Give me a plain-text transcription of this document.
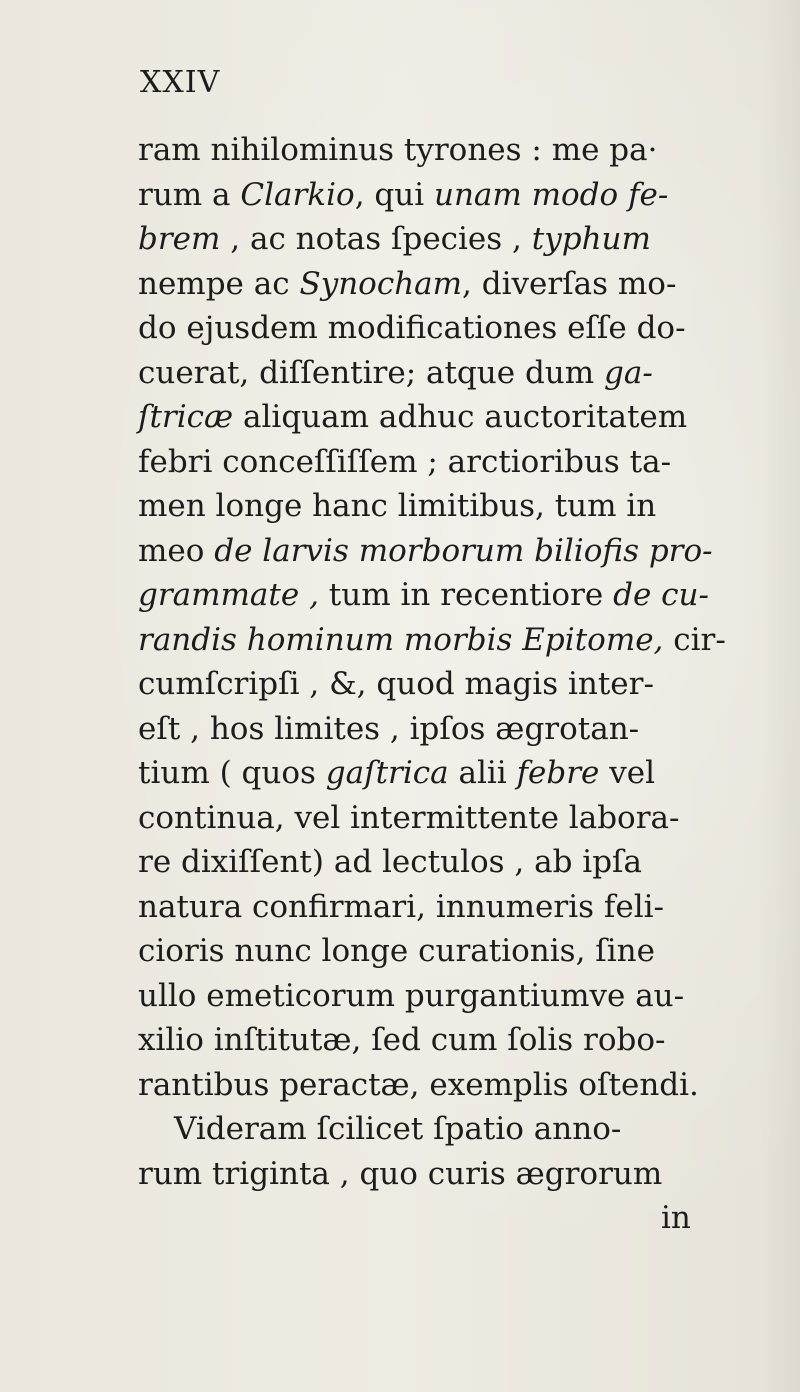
XXIV
ram nihilominus tyrones : me pa·
rum a Clarkio, qui unam modo fe-
brem , ac notas ſpecies , typhum
nempe ac Synocham, diverſas mo-
do ejusdem modificationes eſſe do-
cuerat, diſſentire; atque dum ga-
ſtricæ aliquam adhuc auctoritatem
febri conceſſiſſem ; arctioribus ta-
men longe hanc limitibus, tum in
meo de larvis morborum biliofis pro-
grammate , tum in recentiore de cu-
randis hominum morbis Epitome, cir-
cumſcripſi , &, quod magis inter-
eſt , hos limites , ipſos ægrotan-
tium ( quos gaſtrica alii febre vel
continua, vel intermittente labora-
re dixiſſent) ad lectulos , ab ipſa
natura confirmari, innumeris feli-
cioris nunc longe curationis, ſine
ullo emeticorum purgantiumve au-
xilio inſtitutæ, ſed cum ſolis robo-
rantibus peractæ, exemplis oſtendi.
Videram ſcilicet ſpatio anno-
rum triginta , quo curis ægrorum
in
